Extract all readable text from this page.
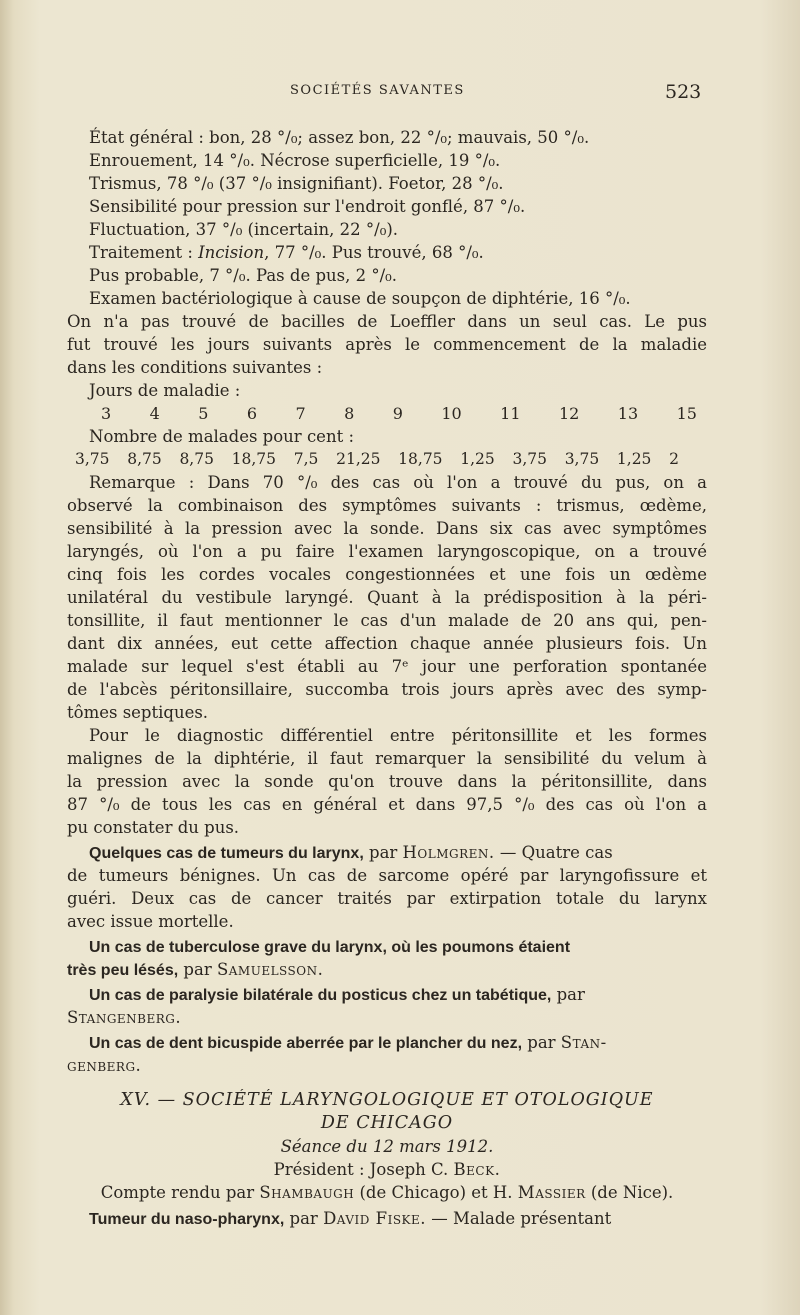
SOCIÉTÉS SAVANTES	523
État général : bon, 28 °/₀; assez bon, 22 °/₀; mauvais, 50 °/₀.
Enrouement, 14 °/₀. Nécrose superficielle, 19 °/₀.
Trismus, 78 °/₀ (37 °/₀ insignifiant). Foetor, 28 °/₀.
Sensibilité pour pression sur l'endroit gonflé, 87 °/₀.
Fluctuation, 37 °/₀ (incertain, 22 °/₀).
Traitement : Incision, 77 °/₀. Pus trouvé, 68 °/₀.
Pus probable, 7 °/₀. Pas de pus, 2 °/₀.
Examen bactériologique à cause de soupçon de diphtérie, 16 °/₀.
On n'a pas trouvé de bacilles de Loeffler dans un seul cas. Le pus
fut trouvé les jours suivants après le commencement de la maladie
dans les conditions suivantes :
Jours de maladie :
3 4 5 6 7 8 9 10 11 12 13 15
Nombre de malades pour cent :
3,75 8,75 8,75 18,75 7,5 21,25 18,75 1,25 3,75 3,75 1,25 2
Remarque : Dans 70 °/₀ des cas où l'on a trouvé du pus, on a
observé la combinaison des symptômes suivants : trismus, œdème,
sensibilité à la pression avec la sonde. Dans six cas avec symptômes
laryngés, où l'on a pu faire l'examen laryngoscopique, on a trouvé
cinq fois les cordes vocales congestionnées et une fois un œdème
unilatéral du vestibule laryngé. Quant à la prédisposition à la péri-
tonsillite, il faut mentionner le cas d'un malade de 20 ans qui, pen-
dant dix années, eut cette affection chaque année plusieurs fois. Un
malade sur lequel s'est établi au 7ᵉ jour une perforation spontanée
de l'abcès péritonsillaire, succomba trois jours après avec des symp-
tômes septiques.
Pour le diagnostic différentiel entre péritonsillite et les formes
malignes de la diphtérie, il faut remarquer la sensibilité du velum à
la pression avec la sonde qu'on trouve dans la péritonsillite, dans
87 °/₀ de tous les cas en général et dans 97,5 °/₀ des cas où l'on a
pu constater du pus.
Quelques cas de tumeurs du larynx, par Holmgren. — Quatre cas
de tumeurs bénignes. Un cas de sarcome opéré par laryngofissure et
guéri. Deux cas de cancer traités par extirpation totale du larynx
avec issue mortelle.
Un cas de tuberculose grave du larynx, où les poumons étaient
très peu lésés, par Samuelsson.
Un cas de paralysie bilatérale du posticus chez un tabétique, par
Stangenberg.
Un cas de dent bicuspide aberrée par le plancher du nez, par Stan-
genberg.
XV. — SOCIÉTÉ LARYNGOLOGIQUE ET OTOLOGIQUE
DE CHICAGO
Séance du 12 mars 1912.
Président : Joseph C. Beck.
Compte rendu par Shambaugh (de Chicago) et H. Massier (de Nice).
Tumeur du naso-pharynx, par David Fiske. — Malade présentant
